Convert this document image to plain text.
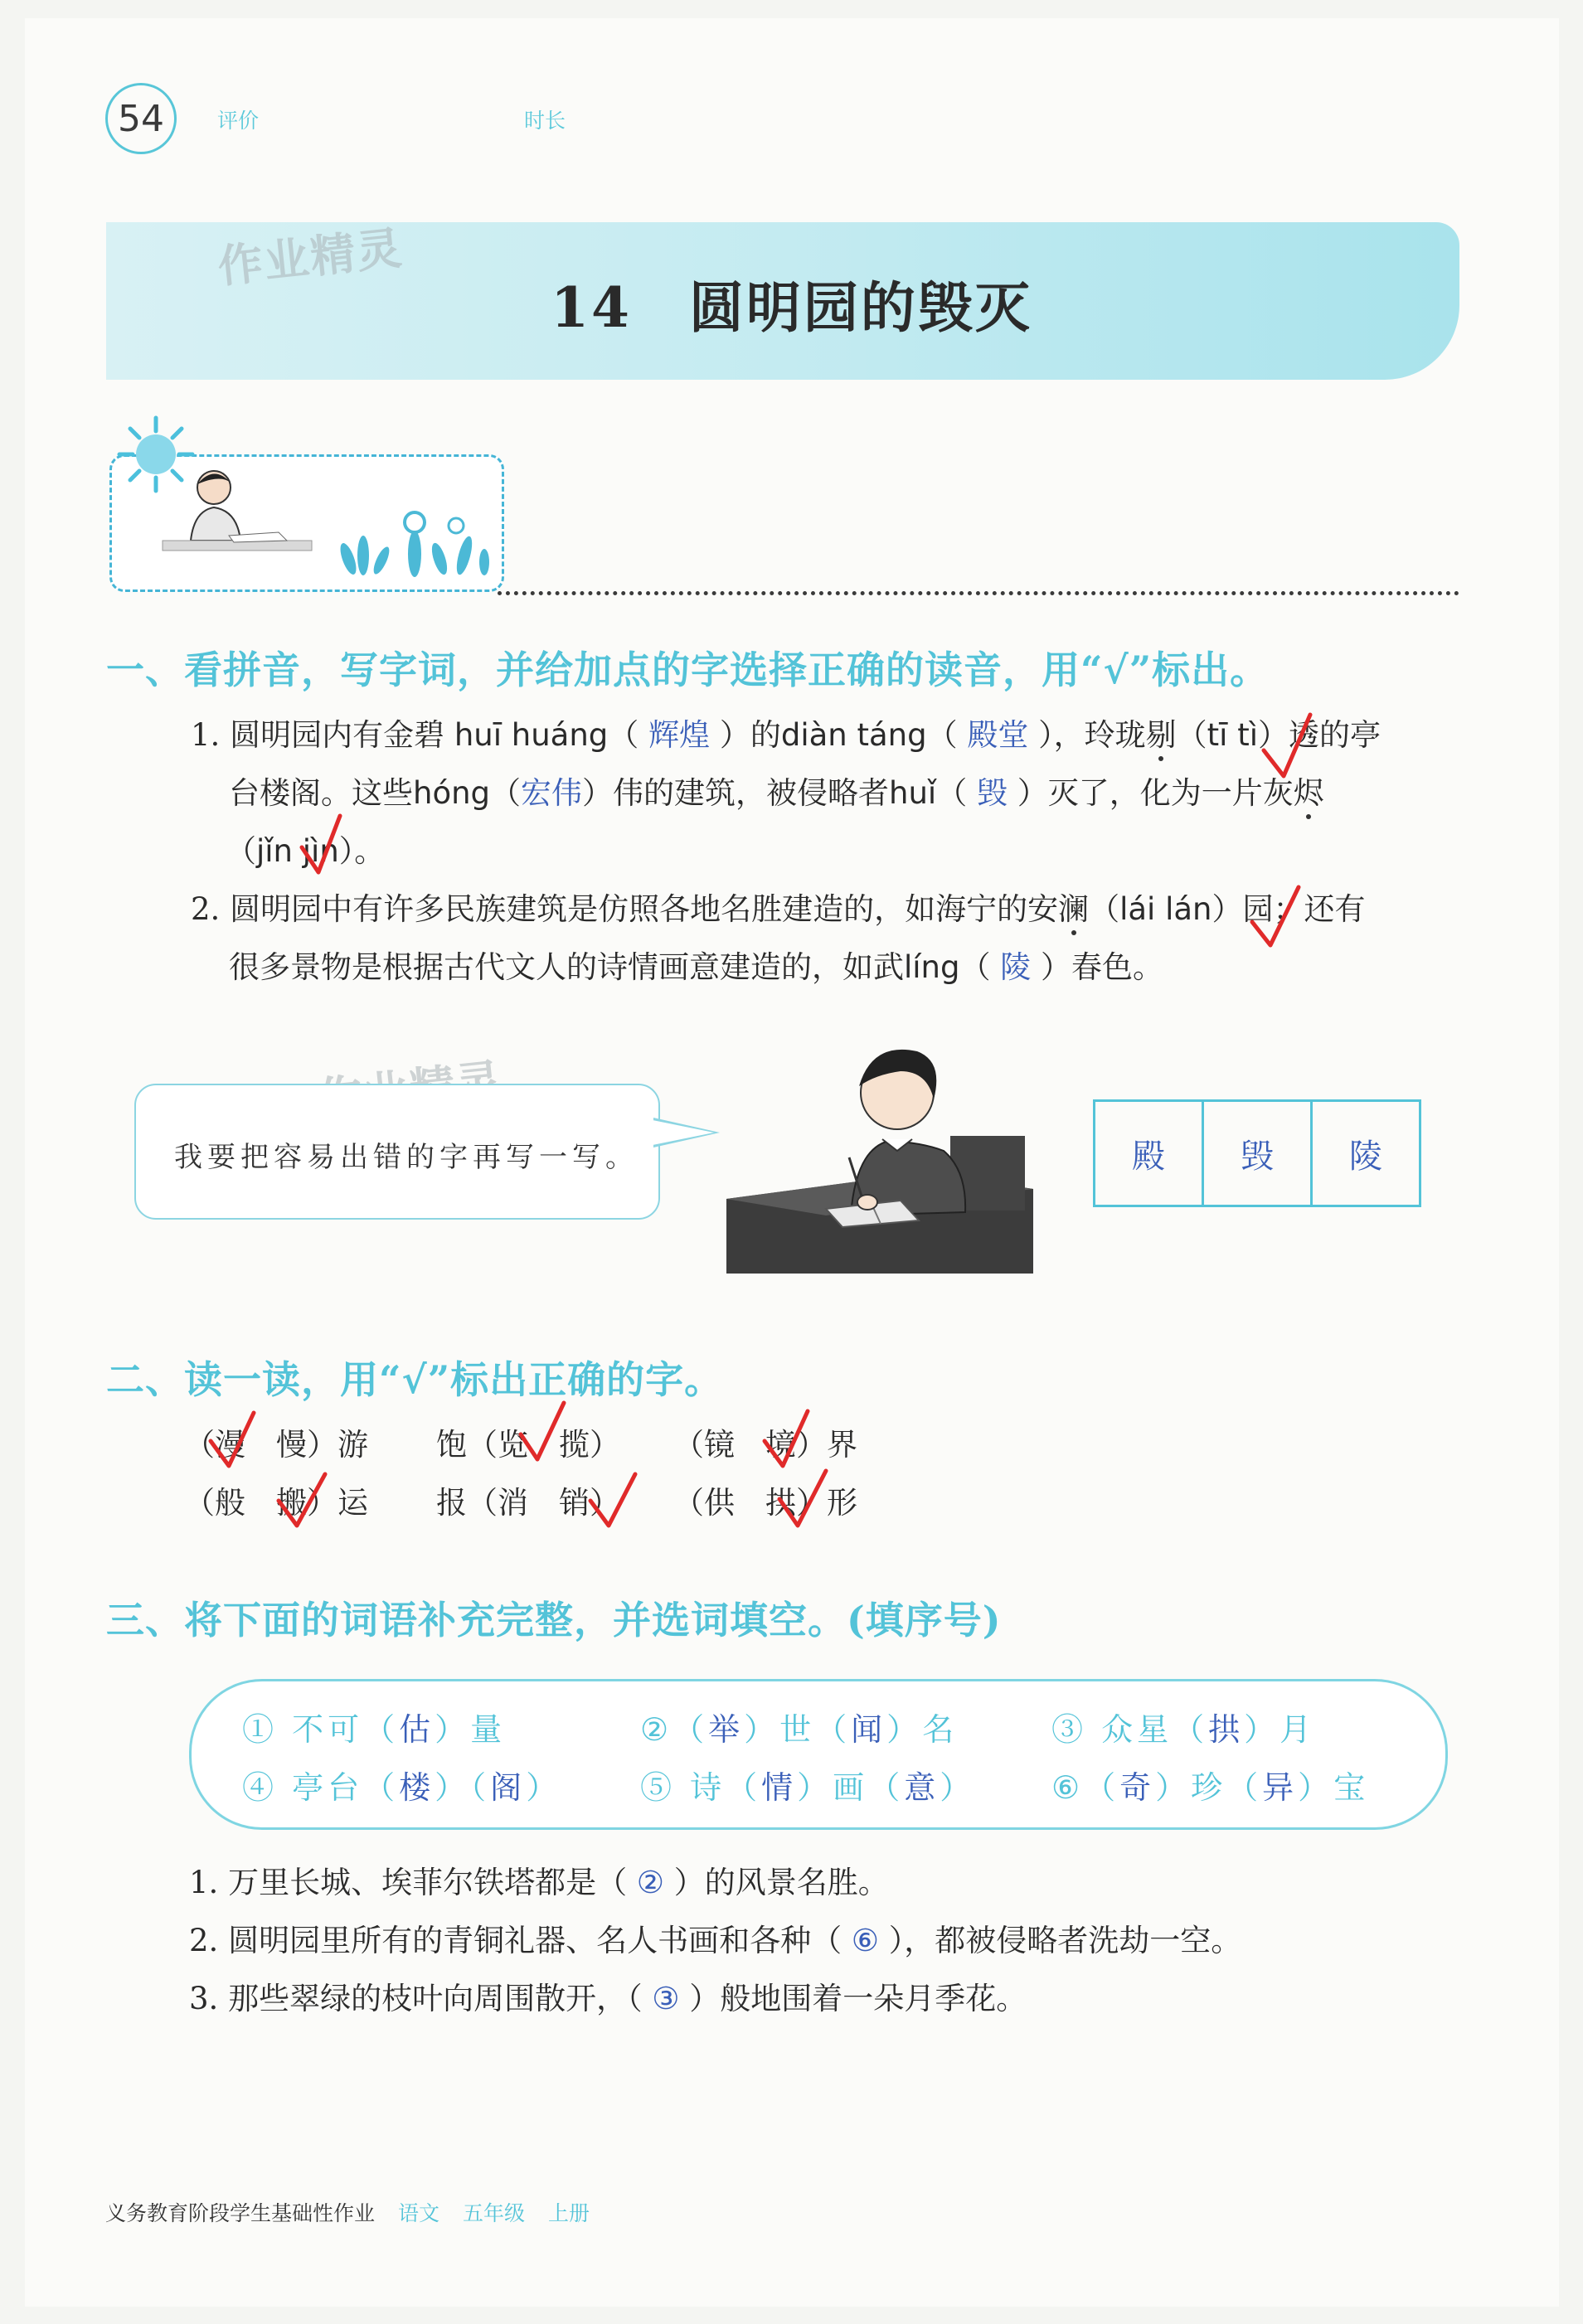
54	评价	时长
作业精灵
14　圆明园的毁灭
一、看拼音，写字词，并给加点的字选择正确的读音，用“√”标出。
1. 圆明园内有金碧 huī huáng（ 辉煌 ）的diàn táng（ 殿堂 ），玲珑剔（tī tì）透的亭
台楼阁。这些hóng（宏伟）伟的建筑，被侵略者huǐ（ 毁 ）灭了，化为一片灰烬
（jǐn jìn）。
2. 圆明园中有许多民族建筑是仿照各地名胜建造的，如海宁的安澜（lái lán）园；还有
很多景物是根据古代文人的诗情画意建造的，如武líng（ 陵 ）春色。
我要把容易出错的字再写一写。	殿	毁	陵
二、读一读，用“√”标出正确的字。
（漫　 慢）游 饱（览　 揽） （镜　 境）界
（般　 搬）运 报（消　 销） （供　 拱）形
三、将下面的词语补充完整，并选词填空。(填序号)
① 不可（估）量	②（举）世（闻）名	③ 众星（拱）月
④ 亭台（楼）（阁） ⑤ 诗（情）画（意） ⑥（奇）珍（异）宝
1. 万里长城、埃菲尔铁塔都是（ ② ）的风景名胜。
2. 圆明园里所有的青铜礼器、名人书画和各种（ ⑥ ），都被侵略者洗劫一空。
3. 那些翠绿的枝叶向周围散开，（ ③ ）般地围着一朵月季花。
义务教育阶段学生基础性作业 语文 五年级 上册
